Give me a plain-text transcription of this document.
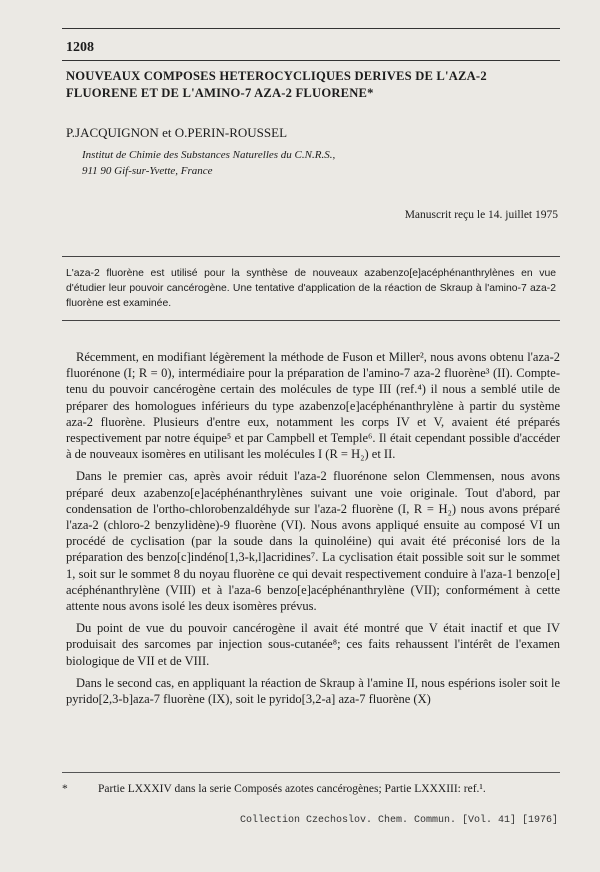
1208
NOUVEAUX COMPOSES HETEROCYCLIQUES DERIVES DE L'AZA-2 FLUORENE ET DE L'AMINO-7 AZA-2 FLUORENE*
P.JACQUIGNON et O.PERIN-ROUSSEL
Institut de Chimie des Substances Naturelles du C.N.R.S.,
911 90 Gif-sur-Yvette, France
Manuscrit reçu le 14. juillet 1975
L'aza-2 fluorène est utilisé pour la synthèse de nouveaux azabenzo[e]acéphénanthrylènes en vue d'étudier leur pouvoir cancérogène. Une tentative d'application de la réaction de Skraup à l'amino-7 aza-2 fluorène est examinée.

Récemment, en modifiant légèrement la méthode de Fuson et Miller², nous avons obtenu l'aza-2 fluorénone (I; R = 0), intermédiaire pour la préparation de l'amino-7 aza-2 fluorène³ (II). Compte-tenu du pouvoir cancérogène certain des molécules de type III (ref.⁴) il nous a semblé utile de préparer des homologues inférieurs du type azabenzo[e]acéphénanthrylène à partir du système aza-2 fluorène. Plusieurs d'entre eux, notamment les corps IV et V, avaient été préparés respectivement par notre équipe⁵ et par Campbell et Temple⁶. Il était cependant possible d'accéder à de nouveaux isomères en utilisant les molécules I (R = H₂) et II.

Dans le premier cas, après avoir réduit l'aza-2 fluorénone selon Clemmensen, nous avons préparé deux azabenzo[e]acéphénanthrylènes suivant une voie originale. Tout d'abord, par condensation de l'ortho-chlorobenzaldéhyde sur l'aza-2 fluorène (I, R = H₂) nous avons préparé l'aza-2 (chloro-2 benzylidène)-9 fluorène (VI). Nous avons appliqué ensuite au composé VI un procédé de cyclisation (par la soude dans la quinoléine) qui avait été préconisé lors de la préparation des benzo[c]indéno[1,3-k,l]acridines⁷. La cyclisation était possible soit sur le sommet 1, soit sur le sommet 8 du noyau fluorène ce qui devait respectivement conduire à l'aza-1 benzo[e] acéphénanthrylène (VIII) et à l'aza-6 benzo[e]acéphénanthrylène (VII); conformément à cette attente nous avons isolé les deux isomères prévus.

Du point de vue du pouvoir cancérogène il avait été montré que V était inactif et que IV produisait des sarcomes par injection sous-cutanée⁸; ces faits rehaussent l'intérêt de l'examen biologique de VII et de VIII.

Dans le second cas, en appliquant la réaction de Skraup à l'amine II, nous espérions isoler soit le pyrido[2,3-b]aza-7 fluorène (IX), soit le pyrido[3,2-a] aza-7 fluorène (X)

*	Partie LXXXIV dans la serie Composés azotes cancérogènes; Partie LXXXIII: ref.¹.
Collection Czechoslov. Chem. Commun. [Vol. 41] [1976]
